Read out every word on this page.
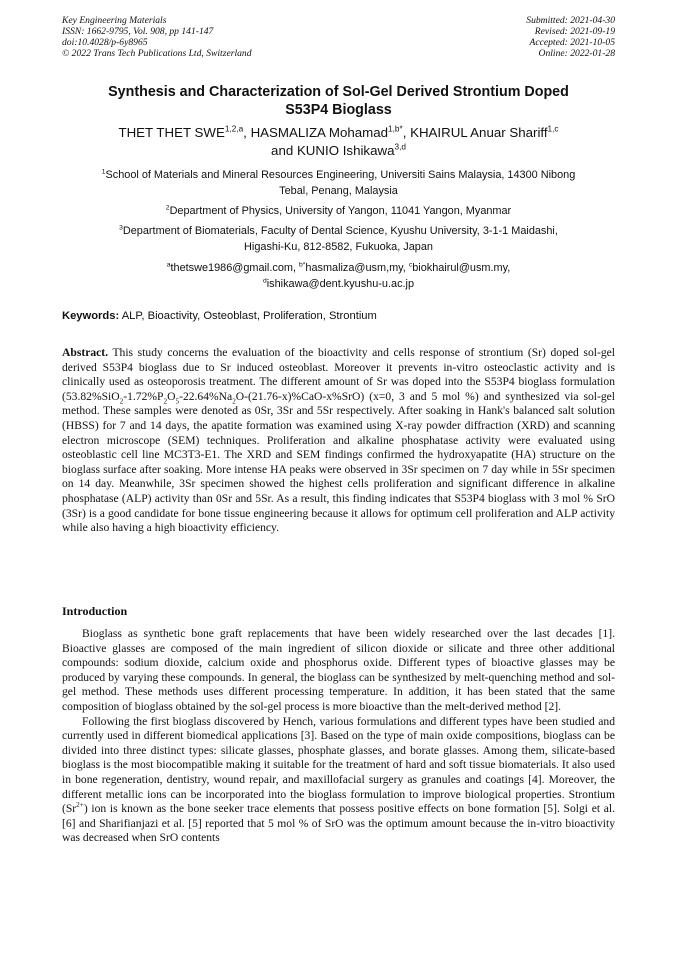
Key Engineering Materials
ISSN: 1662-9795, Vol. 908, pp 141-147
doi:10.4028/p-6y8965
© 2022 Trans Tech Publications Ltd, Switzerland
Submitted: 2021-04-30
Revised: 2021-09-19
Accepted: 2021-10-05
Online: 2022-01-28
Synthesis and Characterization of Sol-Gel Derived Strontium Doped
S53P4 Bioglass
THET THET SWE$^{1,2,a}$, HASMALIZA Mohamad$^{1,b*}$, KHAIRUL Anuar Shariff$^{1,c}$
and KUNIO Ishikawa$^{3,d}$
$^1$School of Materials and Mineral Resources Engineering, Universiti Sains Malaysia, 14300 Nibong
Tebal, Penang, Malaysia
$^2$Department of Physics, University of Yangon, 11041 Yangon, Myanmar
$^3$Department of Biomaterials, Faculty of Dental Science, Kyushu University, 3-1-1 Maidashi,
Higashi-Ku, 812-8582, Fukuoka, Japan
$^a$thetswe1986@gmail.com, $^{b*}$hasmaliza@usm,my, $^c$biokhairul@usm.my,
$^d$ishikawa@dent.kyushu-u.ac.jp
Keywords: ALP, Bioactivity, Osteoblast, Proliferation, Strontium
Abstract. This study concerns the evaluation of the bioactivity and cells response of strontium (Sr) doped sol-gel derived S53P4 bioglass due to Sr induced osteoblast. Moreover it prevents in-vitro osteoclastic activity and is clinically used as osteoporosis treatment. The different amount of Sr was doped into the S53P4 bioglass formulation $(53.82\%SiO_2-1.72\%P_2O_5-22.64\%Na_2O-(21.76-x)\%CaO-x\%SrO)$ (x=0, 3 and 5 mol %) and synthesized via sol-gel method. These samples were denoted as 0Sr, 3Sr and 5Sr respectively. After soaking in Hank's balanced salt solution (HBSS) for 7 and 14 days, the apatite formation was examined using X-ray powder diffraction (XRD) and scanning electron microscope (SEM) techniques. Proliferation and alkaline phosphatase activity were evaluated using osteoblastic cell line MC3T3-E1. The XRD and SEM findings confirmed the hydroxyapatite (HA) structure on the bioglass surface after soaking. More intense HA peaks were observed in 3Sr specimen on 7 day while in 5Sr specimen on 14 day. Meanwhile, 3Sr specimen showed the highest cells proliferation and significant difference in alkaline phosphatase (ALP) activity than 0Sr and 5Sr. As a result, this finding indicates that S53P4 bioglass with 3 mol % SrO (3Sr) is a good candidate for bone tissue engineering because it allows for optimum cell proliferation and ALP activity while also having a high bioactivity efficiency.
Introduction

Bioglass as synthetic bone graft replacements that have been widely researched over the last decades [1]. Bioactive glasses are composed of the main ingredient of silicon dioxide or silicate and three other additional compounds: sodium dioxide, calcium oxide and phosphorus oxide. Different types of bioactive glasses may be produced by varying these compounds. In general, the bioglass can be synthesized by melt-quenching method and sol-gel method. These methods uses different processing temperature. In addition, it has been stated that the same composition of bioglass obtained by the sol-gel process is more bioactive than the melt-derived method [2].

Following the first bioglass discovered by Hench, various formulations and different types have been studied and currently used in different biomedical applications [3]. Based on the type of main oxide compositions, bioglass can be divided into three distinct types: silicate glasses, phosphate glasses, and borate glasses. Among them, silicate-based bioglass is the most biocompatible making it suitable for the treatment of hard and soft tissue biomaterials. It also used in bone regeneration, dentistry, wound repair, and maxillofacial surgery as granules and coatings [4]. Moreover, the different metallic ions can be incorporated into the bioglass formulation to improve biological properties. Strontium $(Sr^{2+})$ ion is known as the bone seeker trace elements that possess positive effects on bone formation [5]. Solgi et al. [6] and Sharifianjazi et al. [5] reported that 5 mol % of SrO was the optimum amount because the in-vitro bioactivity was decreased when SrO contents
